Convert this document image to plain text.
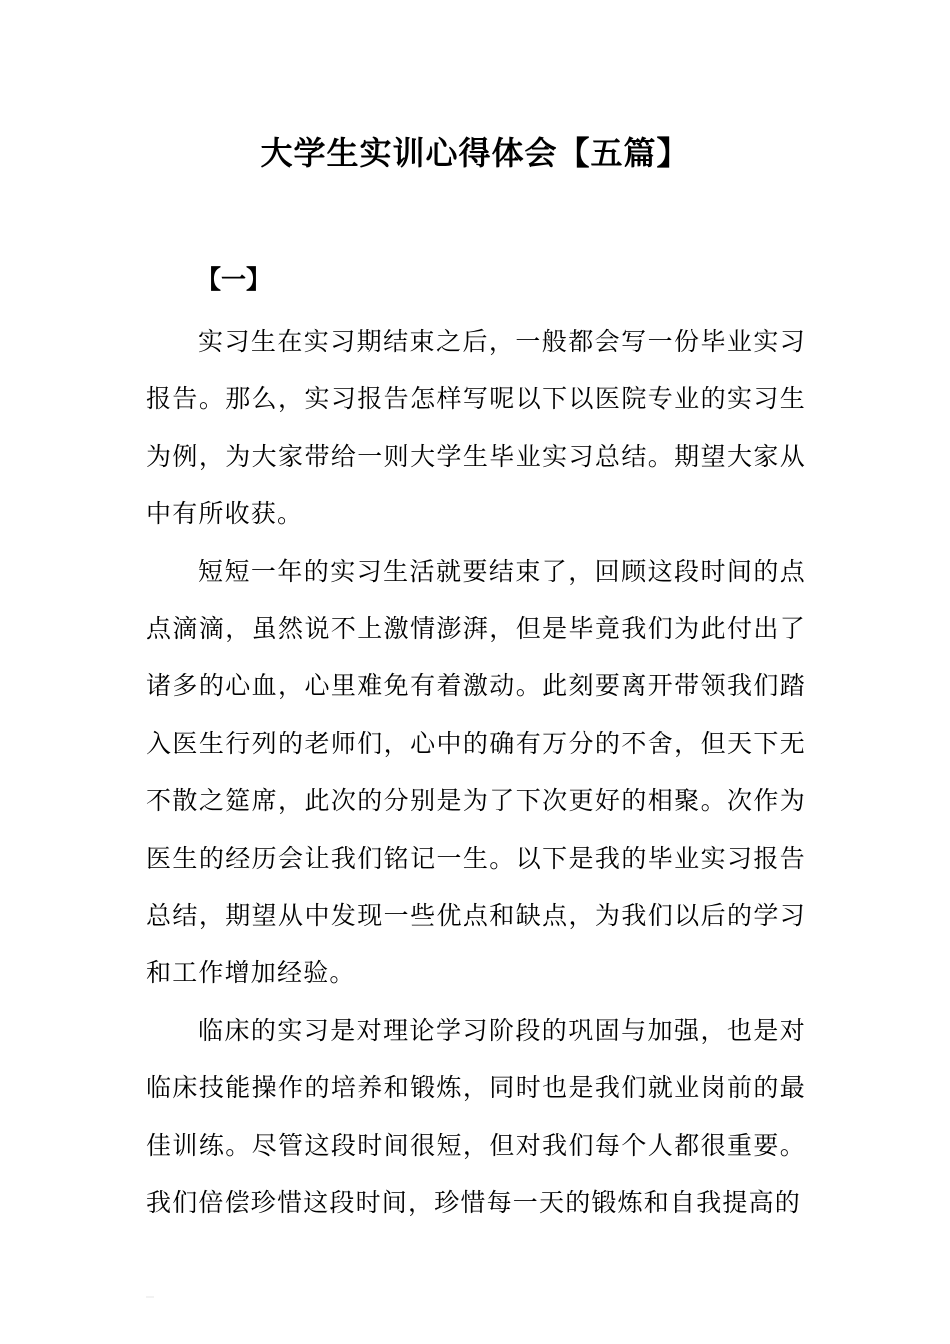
大学生实训心得体会【五篇】
【一】

实习生在实习期结束之后，一般都会写一份毕业实习报告。那么，实习报告怎样写呢以下以医院专业的实习生为例，为大家带给一则大学生毕业实习总结。期望大家从中有所收获。

短短一年的实习生活就要结束了，回顾这段时间的点点滴滴，虽然说不上激情澎湃，但是毕竟我们为此付出了诸多的心血，心里难免有着激动。此刻要离开带领我们踏入医生行列的老师们，心中的确有万分的不舍，但天下无不散之筵席，此次的分别是为了下次更好的相聚。次作为医生的经历会让我们铭记一生。以下是我的毕业实习报告总结，期望从中发现一些优点和缺点，为我们以后的学习和工作增加经验。

临床的实习是对理论学习阶段的巩固与加强，也是对临床技能操作的培养和锻炼，同时也是我们就业岗前的最佳训练。尽管这段时间很短，但对我们每个人都很重要。我们倍偿珍惜这段时间，珍惜每一天的锻炼和自我提高的
